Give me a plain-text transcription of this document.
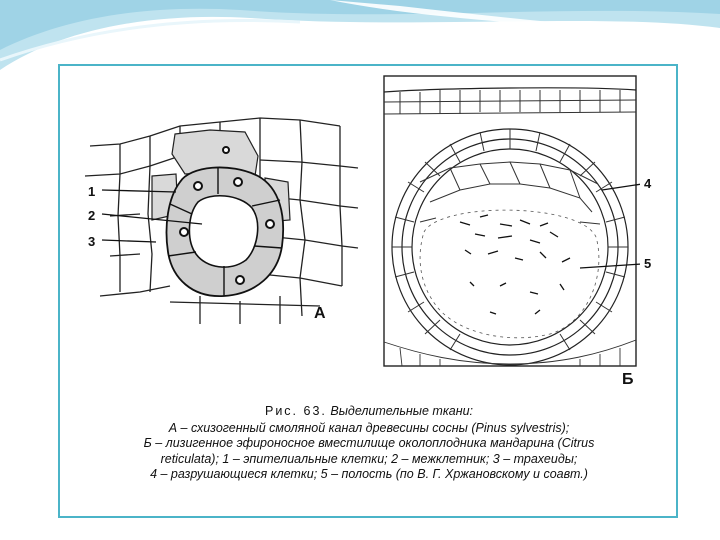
1
2
3
А
4
5
Б
Рис. 63. Выделительные ткани:
А – схизогенный смоляной канал древесины сосны (Pinus sylvestris);
Б – лизигенное эфироносное вместилище околоплодника мандарина (Citrus
reticulata); 1 – эпителиальные клетки; 2 – межклетник; 3 – трахеиды;
4 – разрушающиеся клетки; 5 – полость (по В. Г. Хржановскому и соавт.)
